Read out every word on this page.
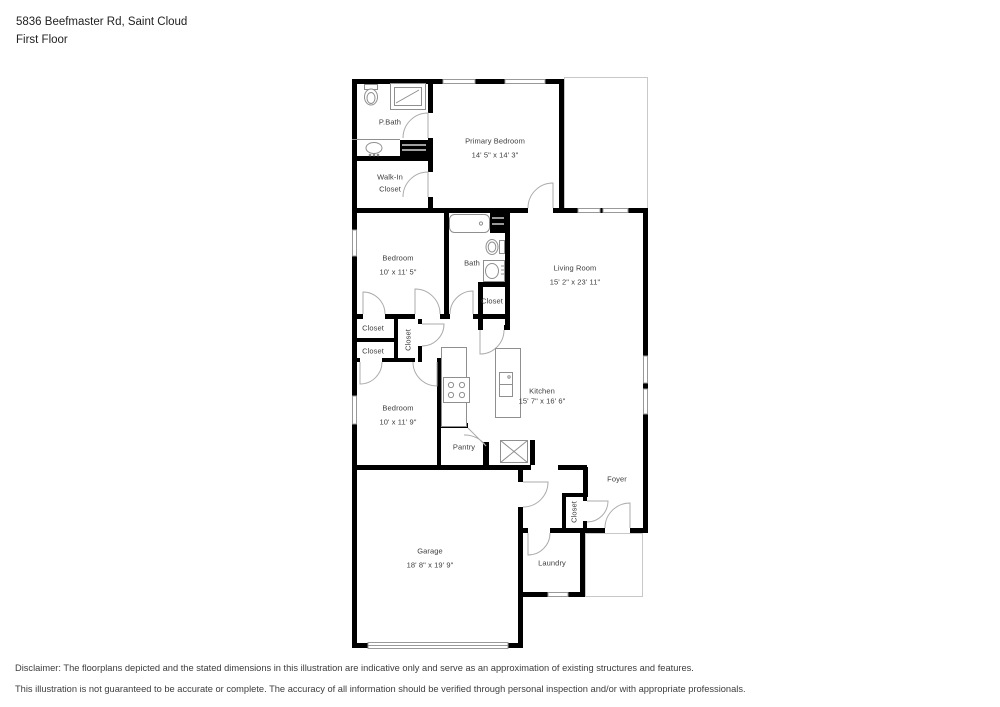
5836 Beefmaster Rd, Saint Cloud
First Floor
P.Bath
Walk-In
Closet
Primary Bedroom
14' 5" x 14' 3"
Bedroom
10' x 11' 5"
Bath
Closet
Living Room
15' 2" x 23' 11"
Closet
Closet
Closet
Bedroom
10' x 11' 9"
Kitchen
15' 7" x 16' 6"
Pantry
Garage
18' 8" x 19' 9"
Foyer
Closet
Laundry
Disclaimer: The floorplans depicted and the stated dimensions in this illustration are indicative only and serve as an approximation of existing structures and features.
This illustration is not guaranteed to be accurate or complete. The accuracy of all information should be verified through personal inspection and/or with appropriate professionals.
